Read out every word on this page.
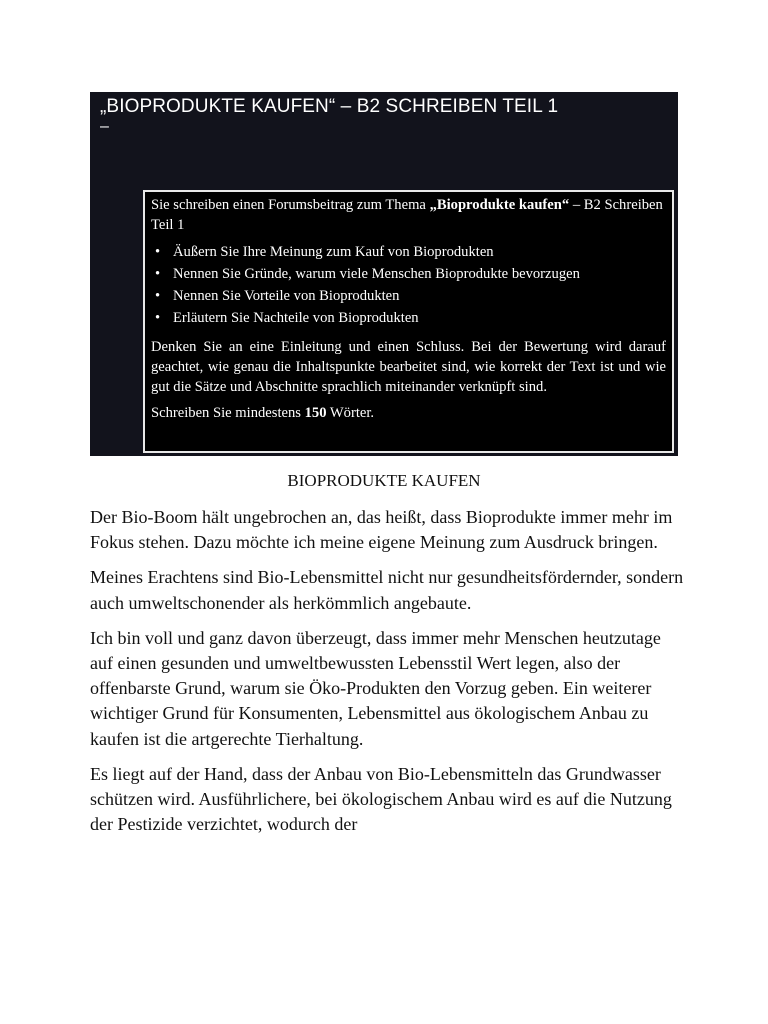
„BIOPRODUKTE KAUFEN“ – B2 SCHREIBEN TEIL 1
–

Sie schreiben einen Forumsbeitrag zum Thema „Bioprodukte kaufen“ – B2 Schreiben Teil 1

• Äußern Sie Ihre Meinung zum Kauf von Bioprodukten
• Nennen Sie Gründe, warum viele Menschen Bioprodukte bevorzugen
• Nennen Sie Vorteile von Bioprodukten
• Erläutern Sie Nachteile von Bioprodukten

Denken Sie an eine Einleitung und einen Schluss. Bei der Bewertung wird darauf geachtet, wie genau die Inhaltspunkte bearbeitet sind, wie korrekt der Text ist und wie gut die Sätze und Abschnitte sprachlich miteinander verknüpft sind.

Schreiben Sie mindestens 150 Wörter.

BIOPRODUKTE KAUFEN

Der Bio-Boom hält ungebrochen an, das heißt, dass Bioprodukte immer mehr im Fokus stehen. Dazu möchte ich meine eigene Meinung zum Ausdruck bringen.

Meines Erachtens sind Bio-Lebensmittel nicht nur gesundheitsfördernder, sondern auch umweltschonender als herkömmlich angebaute.

Ich bin voll und ganz davon überzeugt, dass immer mehr Menschen heutzutage auf einen gesunden und umweltbewussten Lebensstil Wert legen, also der offenbarste Grund, warum sie Öko-Produkten den Vorzug geben. Ein weiterer wichtiger Grund für Konsumenten, Lebensmittel aus ökologischem Anbau zu kaufen ist die artgerechte Tierhaltung.

Es liegt auf der Hand, dass der Anbau von Bio-Lebensmitteln das Grundwasser schützen wird. Ausführlichere, bei ökologischem Anbau wird es auf die Nutzung der Pestizide verzichtet, wodurch der
